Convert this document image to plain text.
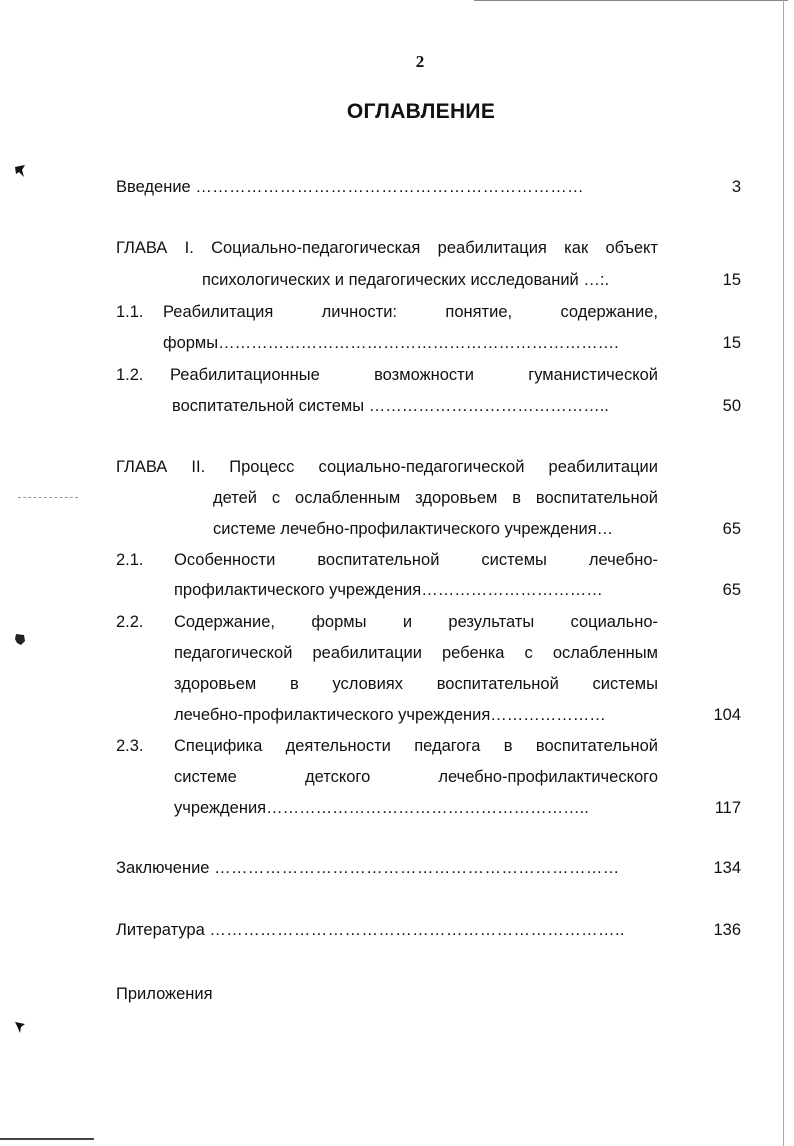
2
ОГЛАВЛЕНИЕ
Введение ……………………………………………………………	3
ГЛАВА I. Социально-педагогическая реабилитация как объект
психологических и педагогических исследований …:.	15
1.1. Реабилитация личности: понятие, содержание,
формы……………………………………………………………….	15
1.2. Реабилитационные возможности гуманистической
воспитательной системы ……………………………………..	50
ГЛАВА II. Процесс социально-педагогической реабилитации
детей с ослабленным здоровьем в воспитательной
системе лечебно-профилактического учреждения…	65
2.1. Особенности воспитательной системы лечебно-
профилактического учреждения……………………………	65
2.2. Содержание, формы и результаты социально-
педагогической реабилитации ребенка с ослабленным
здоровьем в условиях воспитательной системы
лечебно-профилактического учреждения…………………	104
2.3. Специфика деятельности педагога в воспитательной
системе детского лечебно-профилактического
учреждения…………………………………………………..	117
Заключение ………………………………………………………………	134
Литература ………………………………………………………………..	136
Приложения
